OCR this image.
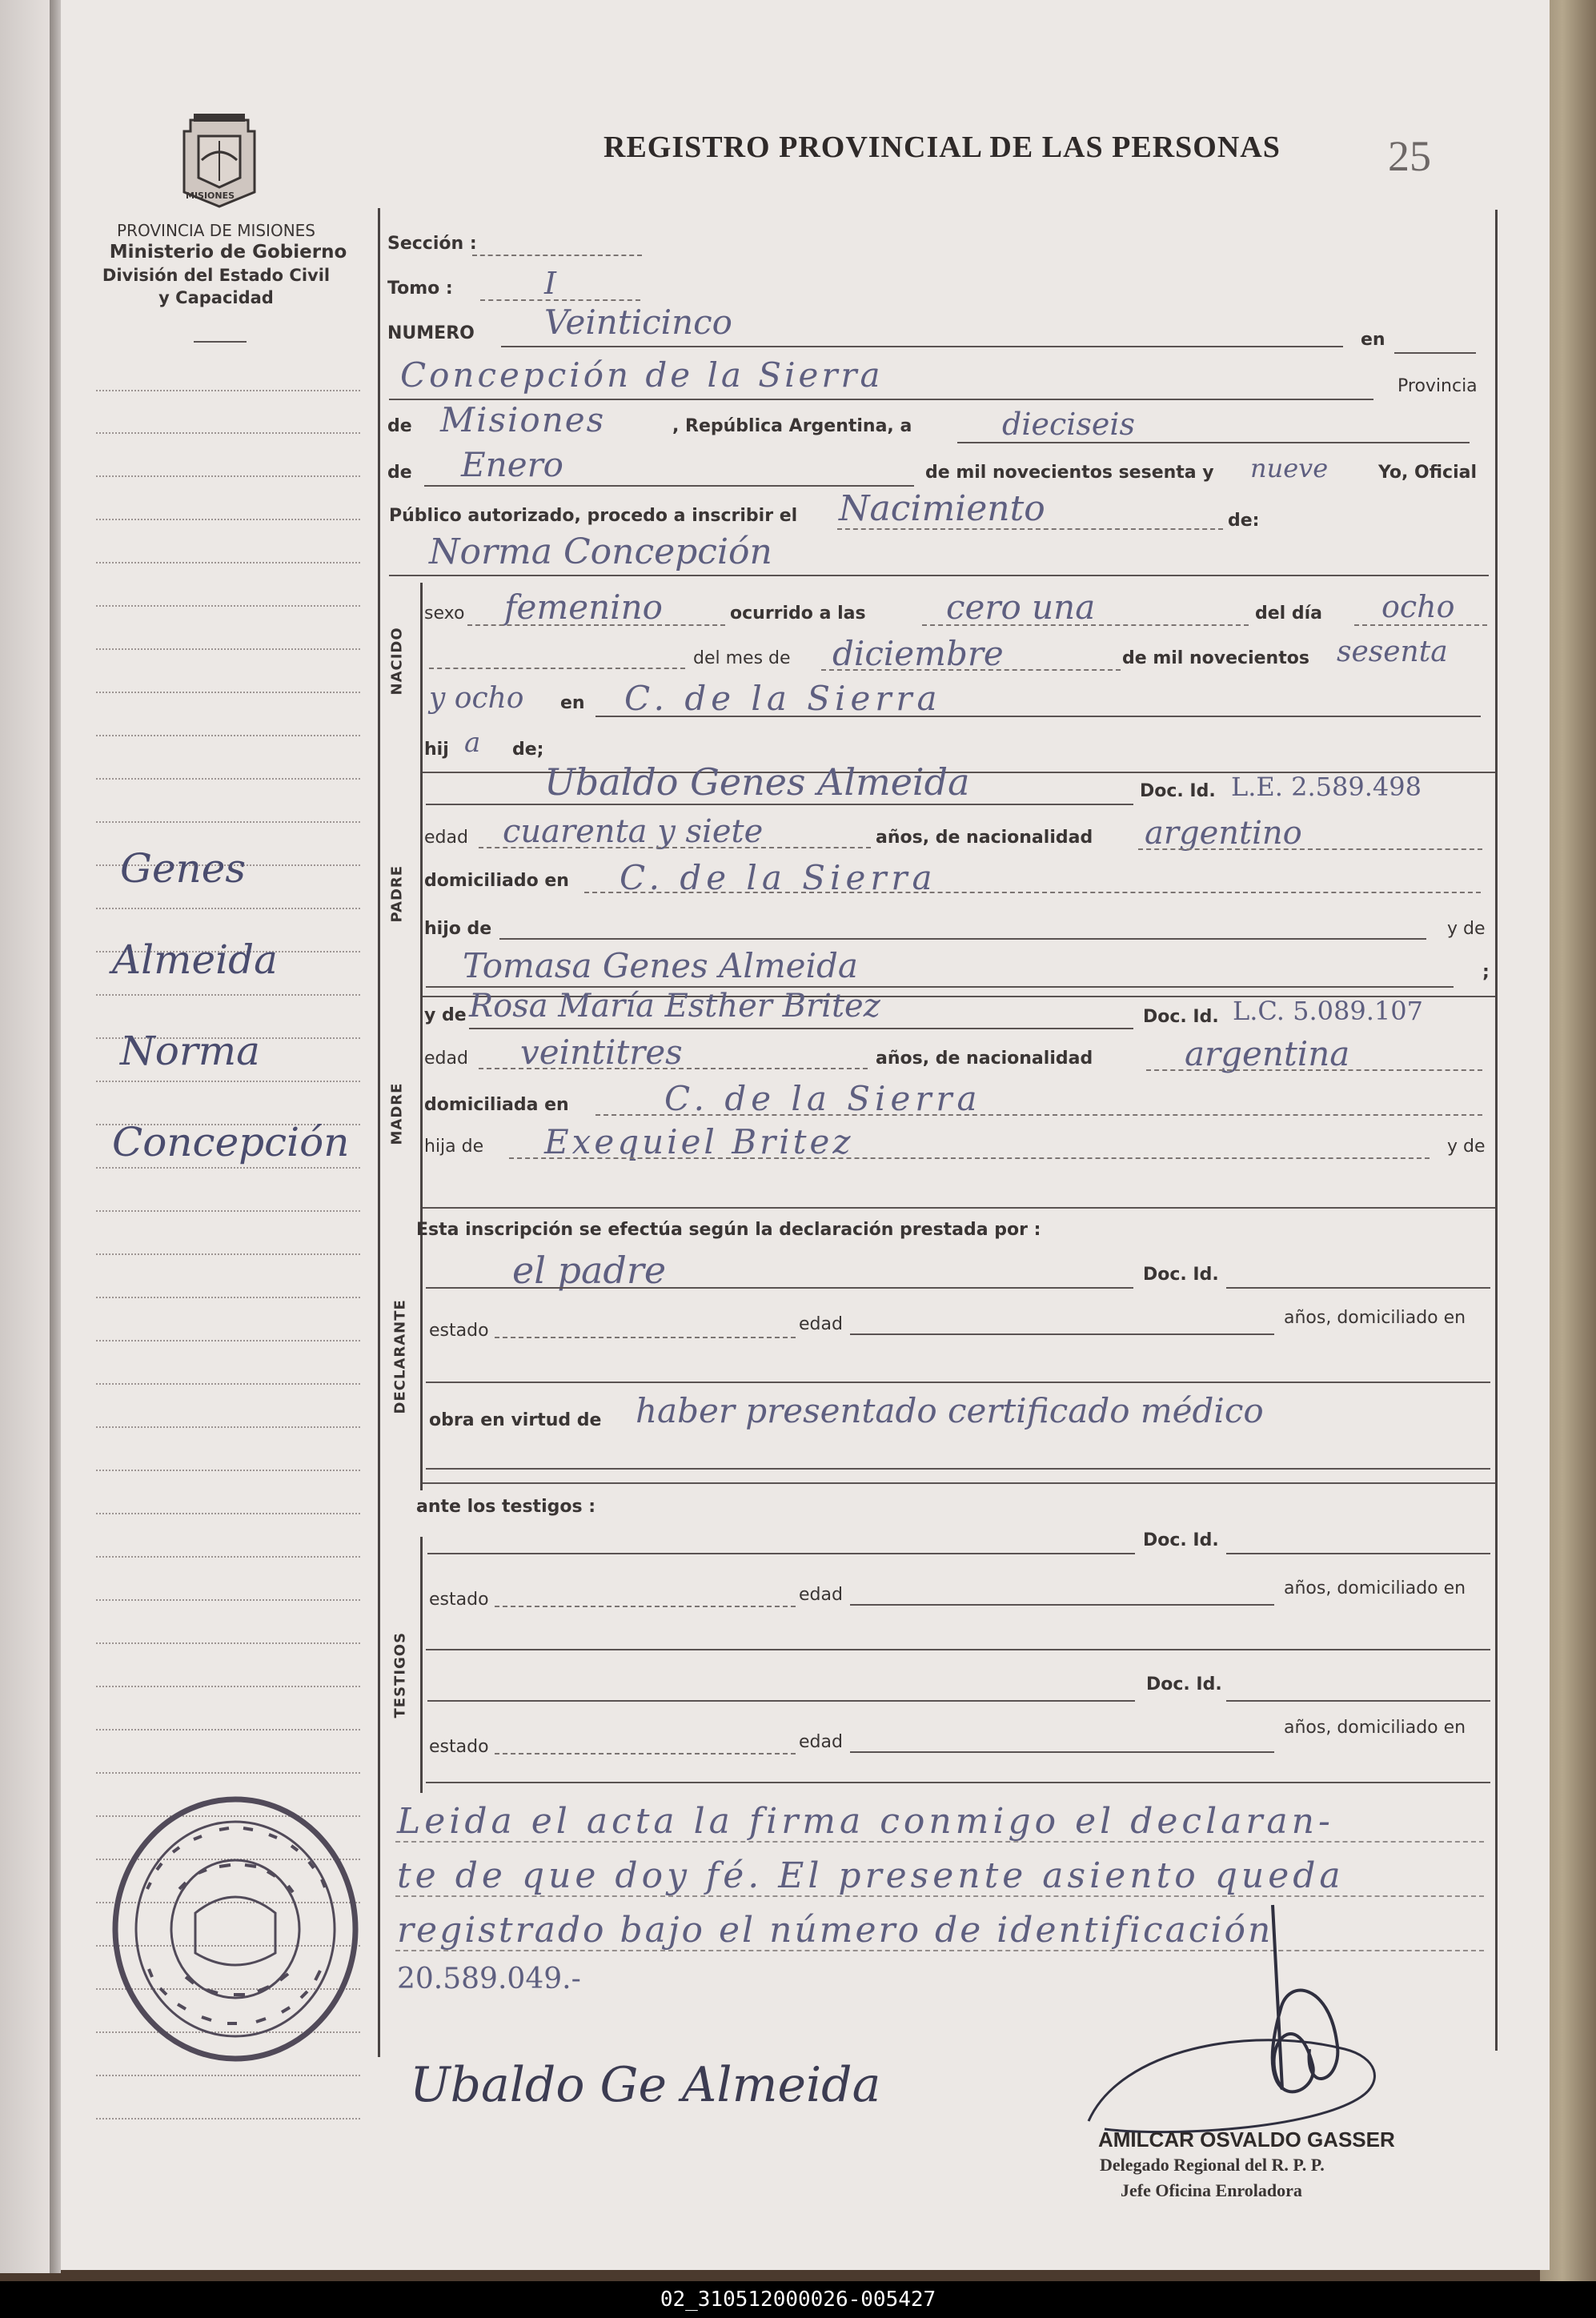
MISIONES
PROVINCIA DE MISIONES
Ministerio de Gobierno
División del Estado Civil
y Capacidad
REGISTRO PROVINCIAL DE LAS PERSONAS 25
Genes
Almeida
Norma
Concepción
Sección :
Tomo :	I
NUMERO Veinticinco	en
Concepción de la Sierra	Provincia
de Misiones	, República Argentina, a	dieciseis
de Enero	de mil novecientos sesenta y nueve	Yo, Oficial
Público autorizado, procedo a inscribir el Nacimiento	de:
Norma Concepción
NACIDO
sexo femenino	ocurrido a las cero una	del día ocho
del mes de diciembre	de mil novecientos sesenta
y ocho en C. de la Sierra
hij a de;
PADRE
Ubaldo Genes Almeida	Doc. Id. L.E. 2.589.498
edad cuarenta y siete	años, de nacionalidad argentino
domiciliado en C. de la Sierra
hijo de	y de
Tomasa Genes Almeida	;
MADRE
y de Rosa María Esther Britez	Doc. Id. L.C. 5.089.107
edad veintitres	años, de nacionalidad	argentina
domiciliada en	C. de la Sierra
hija de Exequiel Britez	y de
Esta inscripción se efectúa según la declaración prestada por :
DECLARANTE
el padre	Doc. Id.
estado	edad	años, domiciliado en
obra en virtud de haber presentado certificado médico
ante los testigos :
TESTIGOS
Doc. Id.
estado	edad	años, domiciliado en
Doc. Id.
estado	edad
años, domiciliado en
Leida el acta la firma conmigo el declaran-
te de que doy fé. El presente asiento queda
registrado bajo el número de identificación
20.589.049.-
Ubaldo Ge Almeida
AMILCAR OSVALDO GASSER
Delegado Regional del R. P. P.
Jefe Oficina Enroladora
02_310512000026-005427
